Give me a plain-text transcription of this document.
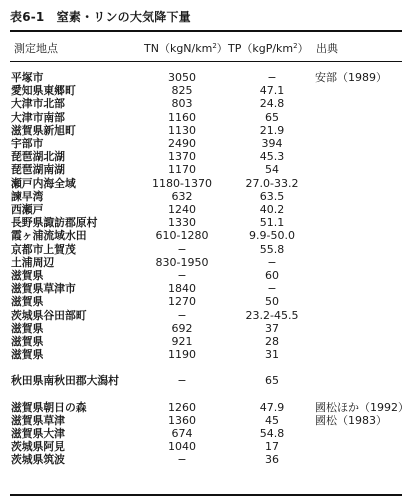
表6-1　窒素・リンの大気降下量
測定地点	$TN(kgN/km^2)$ $TP(kgP/km^2)$ 出典
平塚市	3050	−	安部（1989）
愛知県東郷町	825	47.1
大津市北部	803	24.8
大津市南部	1160	65
滋賀県新旭町	1130	21.9
宇部市	2490	394
琵琶湖北湖	1370	45.3
琵琶湖南湖	1170	54
瀬戸内海全域	1180-1370	27.0-33.2
諫早湾	632	63.5
西瀬戸	1240	40.2
長野県諏訪郡原村	1330	51.1
霞ヶ浦流域水田	610-1280	9.9-50.0
京都市上賀茂	−	55.8
土浦周辺	830-1950	−
滋賀県	−	60
滋賀県草津市	1840	−
滋賀県	1270	50
茨城県谷田部町	−	23.2-45.5
滋賀県	692	37
滋賀県	921	28
滋賀県	1190	31
秋田県南秋田郡大潟村	−	65
滋賀県朝日の森	1260	47.9	國松ほか（1992）
滋賀県草津	1360	45	國松（1983）
滋賀県大津	674	54.8
茨城県阿見	1040	17
茨城県筑波	−	36
